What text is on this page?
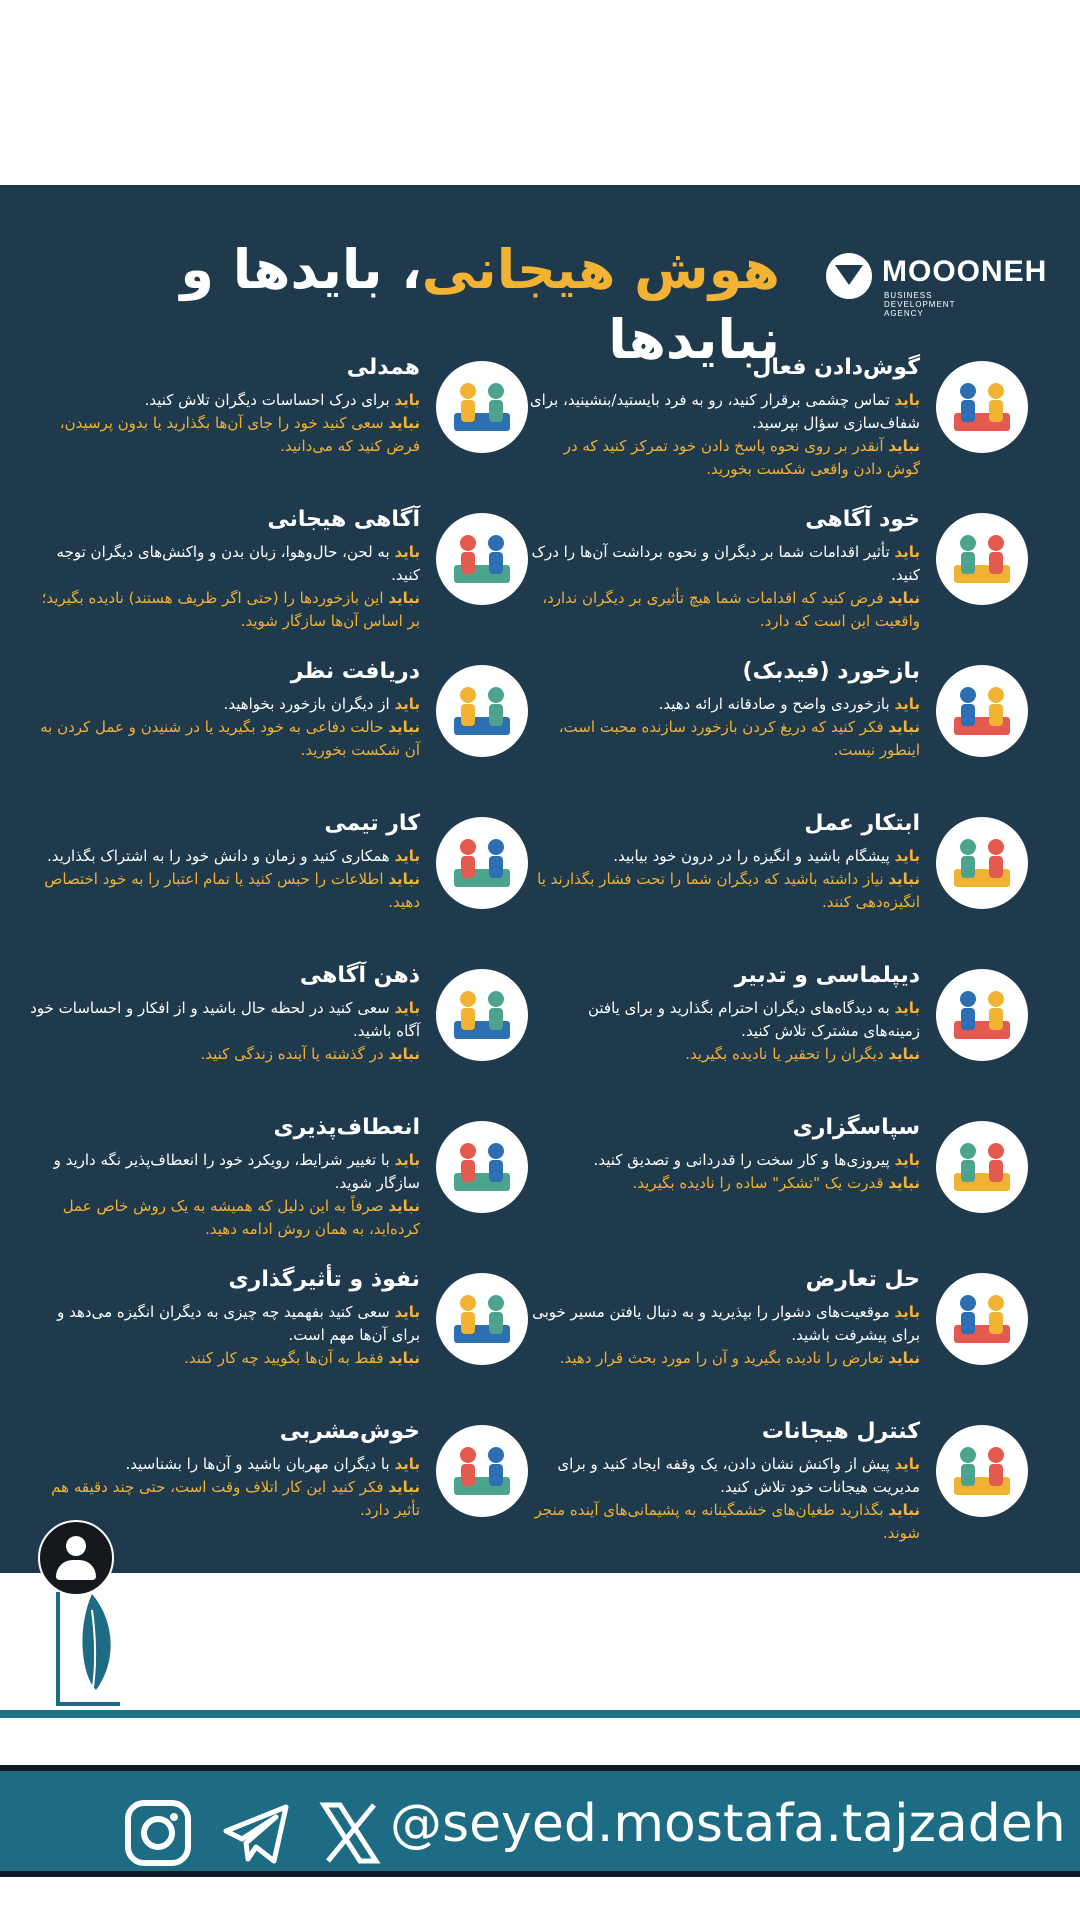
هوش هیجانی، بایدها و نبایدها
MOOONEH
BUSINESS DEVELOPMENT AGENCY

گوش‌دادن فعال

باید تماس چشمی برقرار کنید، رو به فرد بایستید/بنشینید، برای شفاف‌سازی سؤال بپرسید.

نباید آنقدر بر روی نحوه پاسخ دادن خود تمرکز کنید که در گوش دادن واقعی شکست بخورید.

همدلی

باید برای درک احساسات دیگران تلاش کنید.

نباید سعی کنید خود را جای آن‌ها بگذارید یا بدون پرسیدن، فرض کنید که می‌دانید.

خود آگاهی

باید تأثیر اقدامات شما بر دیگران و نحوه برداشت آن‌ها را درک کنید.

نباید فرض کنید که اقدامات شما هیچ تأثیری بر دیگران ندارد، واقعیت این است که دارد.

آگاهی هیجانی

باید به لحن، حال‌وهوا، زبان بدن و واکنش‌های دیگران توجه کنید.

نباید این بازخوردها را (حتی اگر ظریف هستند) نادیده بگیرید؛ بر اساس آن‌ها سازگار شوید.

بازخورد (فیدبک)

باید بازخوردی واضح و صادقانه ارائه دهید.

نباید فکر کنید که دریغ کردن بازخورد سازنده محبت است، اینطور نیست.

دریافت نظر

باید از دیگران بازخورد بخواهید.

نباید حالت دفاعی به خود بگیرید یا در شنیدن و عمل کردن به آن شکست بخورید.

ابتکار عمل

باید پیشگام باشید و انگیزه را در درون خود بیابید.

نباید نیاز داشته باشید که دیگران شما را تحت فشار بگذارند یا انگیزه‌دهی کنند.

کار تیمی

باید همکاری کنید و زمان و دانش خود را به اشتراک بگذارید.

نباید اطلاعات را حبس کنید یا تمام اعتبار را به خود اختصاص دهید.

دیپلماسی و تدبیر

باید به دیدگاه‌های دیگران احترام بگذارید و برای یافتن زمینه‌های مشترک تلاش کنید.

نباید دیگران را تحقیر یا نادیده بگیرید.

ذهن آگاهی

باید سعی کنید در لحظه حال باشید و از افکار و احساسات خود آگاه باشید.

نباید در گذشته یا آینده زندگی کنید.

سپاسگزاری

باید پیروزی‌ها و کار سخت را قدردانی و تصدیق کنید.

نباید قدرت یک "تشکر" ساده را نادیده بگیرید.

انعطاف‌پذیری

باید با تغییر شرایط، رویکرد خود را انعطاف‌پذیر نگه دارید و سازگار شوید.

نباید صرفاً به این دلیل که همیشه به یک روش خاص عمل کرده‌اید، به همان روش ادامه دهید.

حل تعارض

باید موقعیت‌های دشوار را بپذیرید و به دنبال یافتن مسیر خوبی برای پیشرفت باشید.

نباید تعارض را نادیده بگیرید و آن را مورد بحث قرار دهید.

نفوذ و تأثیرگذاری

باید سعی کنید بفهمید چه چیزی به دیگران انگیزه می‌دهد و برای آن‌ها مهم است.

نباید فقط به آن‌ها بگویید چه کار کنند.

کنترل هیجانات

باید پیش از واکنش نشان دادن، یک وقفه ایجاد کنید و برای مدیریت هیجانات خود تلاش کنید.

نباید بگذارید طغیان‌های خشمگینانه به پشیمانی‌های آینده منجر شوند.

خوش‌مشربی

باید با دیگران مهربان باشید و آن‌ها را بشناسید.

نباید فکر کنید این کار اتلاف وقت است، حتی چند دقیقه هم تأثیر دارد.

@seyed.mostafa.tajzadeh
